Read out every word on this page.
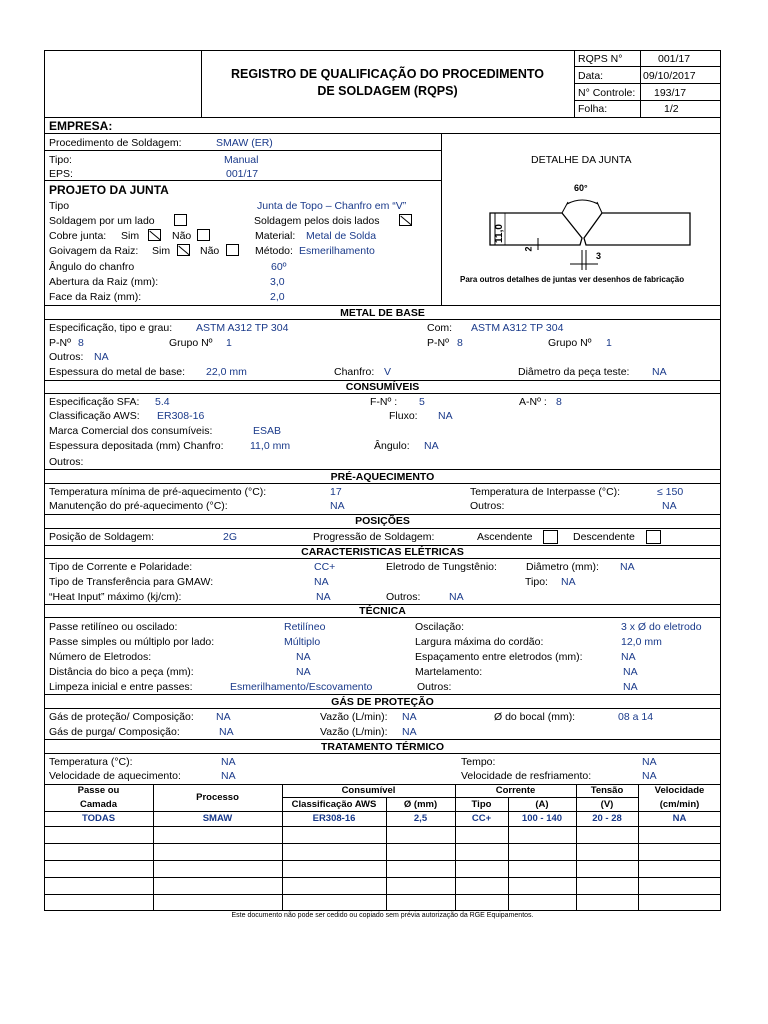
REGISTRO DE QUALIFICAÇÃO DO PROCEDIMENTO
DE SOLDAGEM (RQPS)
RQPS N°	001/17
Data:	09/10/2017
N° Controle: 193/17
Folha:	1/2
EMPRESA:
Procedimento de Soldagem:	SMAW (ER)
Tipo:	Manual
EPS:	001/17
DETALHE DA JUNTA
PROJETO DA JUNTA
Tipo	Junta de Topo – Chanfro em “V”
Soldagem por um lado	Soldagem pelos dois lados
Cobre junta: Sim	Não	Material: Metal de Solda
Goivagem da Raiz: Sim	Não	Método: Esmerilhamento
Ângulo do chanfro	60º
Abertura da Raiz (mm):	3,0
Face da Raiz (mm):	2,0
60°
11,0
2
3
Para outros detalhes de juntas ver desenhos de fabricação
METAL DE BASE
Especificação, tipo e grau: ASTM A312 TP 304	Com: ASTM A312 TP 304
P-Nº 8	Grupo Nº 1	P-Nº 8	Grupo Nº 1
Outros: NA
Espessura do metal de base: 22,0 mm	Chanfro: V	Diâmetro da peça teste: NA
CONSUMÍVEIS
Especificação SFA: 5.4	F-Nº : 5	A-Nº : 8
Classificação AWS: ER308-16	Fluxo: NA
Marca Comercial dos consumíveis:	ESAB
Espessura depositada (mm) Chanfro:	11,0 mm	Ângulo: NA
Outros:
PRÉ-AQUECIMENTO
Temperatura mínima de pré-aquecimento (°C):	17	Temperatura de Interpasse (°C):	≤ 150
Manutenção do pré-aquecimento (°C):	NA	Outros:	NA
POSIÇÕES
Posição de Soldagem:	2G	Progressão de Soldagem:	Ascendente	Descendente
CARACTERISTICAS ELÉTRICAS
Tipo de Corrente e Polaridade:	CC+	Eletrodo de Tungstênio:	Diâmetro (mm): NA
Tipo de Transferência para GMAW:	NA	Tipo: NA
“Heat Input” máximo (kj/cm):	NA	Outros:	NA
TÉCNICA
Passe retilíneo ou oscilado:	Retilíneo	Oscilação:	3 x Ø do eletrodo
Passe simples ou múltiplo por lado:	Múltiplo	Largura máxima do cordão:	12,0 mm
Número de Eletrodos:	NA	Espaçamento entre eletrodos (mm):	NA
Distância do bico a peça (mm):	NA	Martelamento:	NA
Limpeza inicial e entre passes:	Esmerilhamento/Escovamento	Outros:	NA
GÁS DE PROTEÇÃO
Gás de proteção/ Composição: NA	Vazão (L/min): NA	Ø do bocal (mm):	08 a 14
Gás de purga/ Composição:	NA	Vazão (L/min): NA
TRATAMENTO TÉRMICO
Temperatura (°C):	NA	Tempo:	NA
Velocidade de aquecimento:	NA	Velocidade de resfriamento:	NA
Passe ou
Camada
Processo
Consumível
Classificação AWS	Ø (mm)
Corrente
Tipo	(A)
Tensão
(V)
Velocidade
(cm/min)
TODAS	SMAW	ER308-16	2,5	CC+	100 - 140	20 - 28	NA
Este documento não pode ser cedido ou copiado sem prévia autorização da RGE Equipamentos.
